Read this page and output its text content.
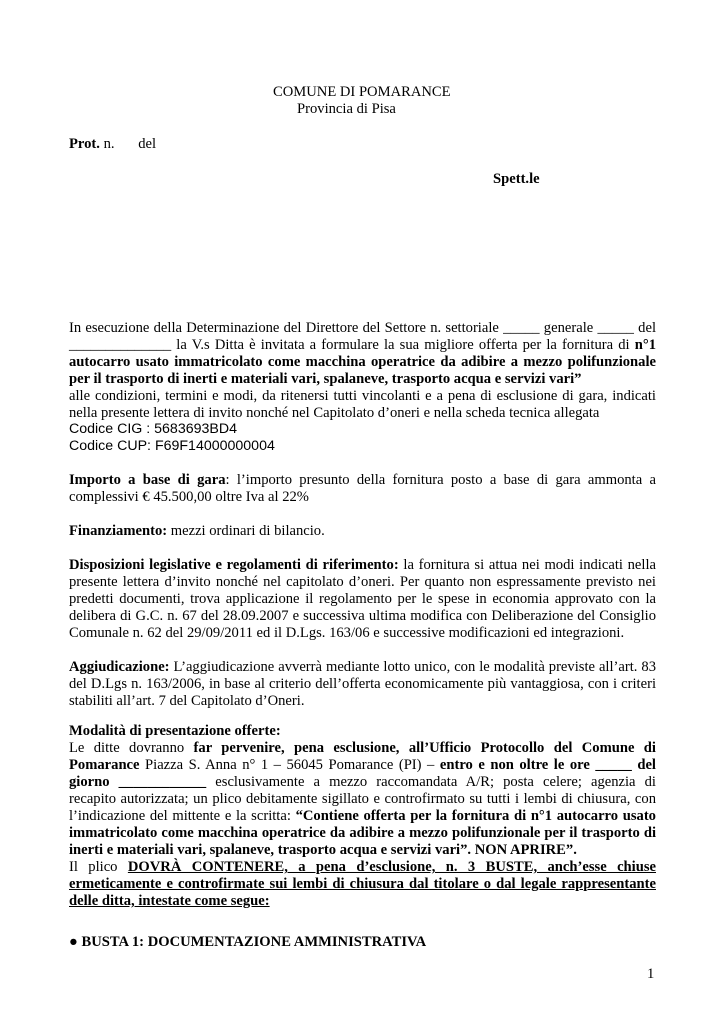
COMUNE DI POMARANCE
Provincia di Pisa
Prot. n. del
Spett.le
In esecuzione della Determinazione del Direttore del Settore n. settoriale _____ generale _____ del
______________ la V.s Ditta è invitata a formulare la sua migliore offerta per la fornitura di n°1
autocarro usato immatricolato come macchina operatrice da adibire a mezzo polifunzionale
per il trasporto di inerti e materiali vari, spalaneve, trasporto acqua e servizi vari”
alle condizioni, termini e modi, da ritenersi tutti vincolanti e a pena di esclusione di gara, indicati
nella presente lettera di invito nonché nel Capitolato d’oneri e nella scheda tecnica allegata
Codice CIG : 5683693BD4
Codice CUP: F69F14000000004
Importo a base di gara: l’importo presunto della fornitura posto a base di gara ammonta a
complessivi € 45.500,00 oltre Iva al 22%
Finanziamento: mezzi ordinari di bilancio.
Disposizioni legislative e regolamenti di riferimento: la fornitura si attua nei modi indicati nella
presente lettera d’invito nonché nel capitolato d’oneri. Per quanto non espressamente previsto nei
predetti documenti, trova applicazione il regolamento per le spese in economia approvato con la
delibera di G.C. n. 67 del 28.09.2007 e successiva ultima modifica con Deliberazione del Consiglio
Comunale n. 62 del 29/09/2011 ed il D.Lgs. 163/06 e successive modificazioni ed integrazioni.
Aggiudicazione: L’aggiudicazione avverrà mediante lotto unico, con le modalità previste all’art. 83
del D.Lgs n. 163/2006, in base al criterio dell’offerta economicamente più vantaggiosa, con i criteri
stabiliti all’art. 7 del Capitolato d’Oneri.
Modalità di presentazione offerte:
Le ditte dovranno far pervenire, pena esclusione, all’Ufficio Protocollo del Comune di
Pomarance Piazza S. Anna n° 1 – 56045 Pomarance (PI) – entro e non oltre le ore _____ del
giorno ____________ esclusivamente a mezzo raccomandata A/R; posta celere; agenzia di
recapito autorizzata; un plico debitamente sigillato e controfirmato su tutti i lembi di chiusura, con
l’indicazione del mittente e la scritta: “Contiene offerta per la fornitura di n°1 autocarro usato
immatricolato come macchina operatrice da adibire a mezzo polifunzionale per il trasporto di
inerti e materiali vari, spalaneve, trasporto acqua e servizi vari”. NON APRIRE”.
Il plico DOVRÀ CONTENERE, a pena d’esclusione, n. 3 BUSTE, anch’esse chiuse
ermeticamente e controfirmate sui lembi di chiusura dal titolare o dal legale rappresentante
delle ditta, intestate come segue:
● BUSTA 1: DOCUMENTAZIONE AMMINISTRATIVA
1
